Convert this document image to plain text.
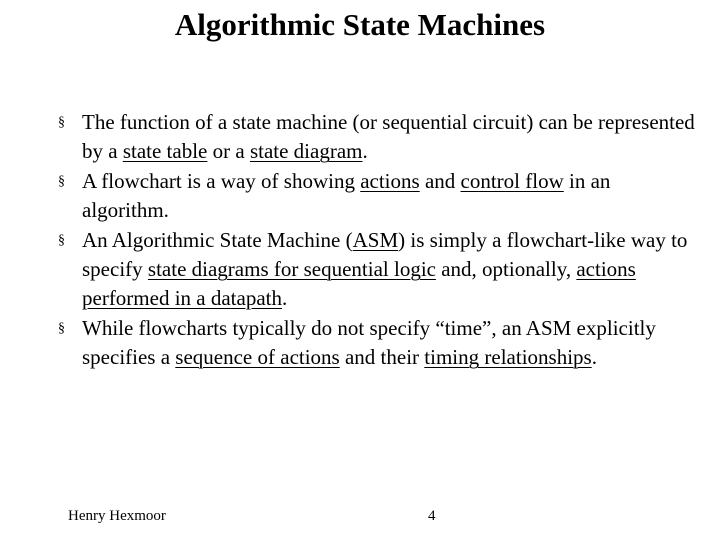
Algorithmic State Machines
§ The function of a state machine (or sequential circuit) can be represented by a state table or a state diagram.
§ A flowchart is a way of showing actions and control flow in an algorithm.
§ An Algorithmic State Machine (ASM) is simply a flowchart-like way to specify state diagrams for sequential logic and, optionally, actions performed in a datapath.
§ While flowcharts typically do not specify “time”, an ASM explicitly specifies a sequence of actions and their timing relationships.
Henry Hexmoor	4
